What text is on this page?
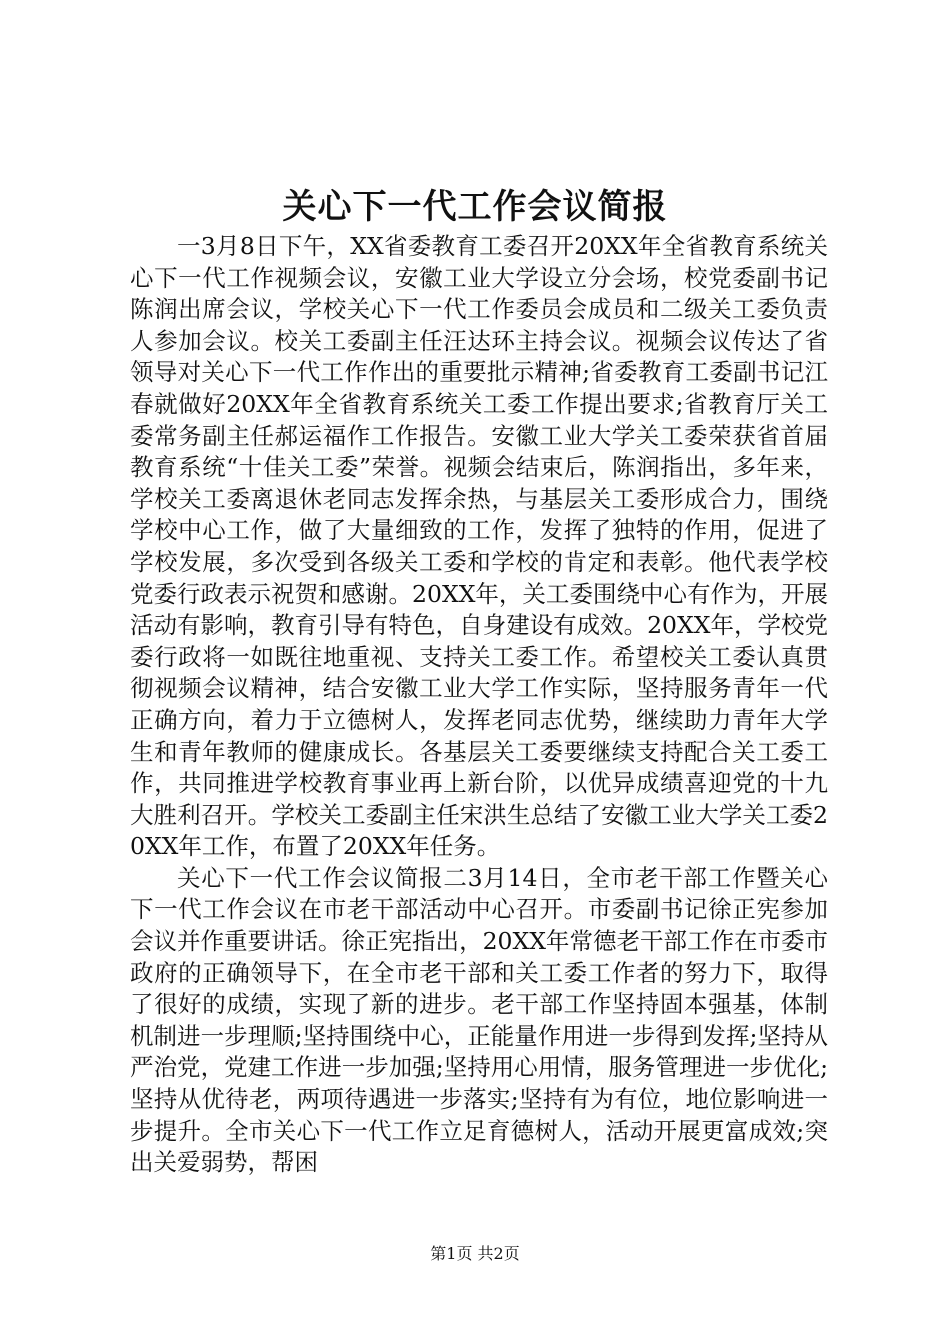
关心下一代工作会议简报

一3月8日下午，XX省委教育工委召开20XX年全省教育系统关心下一代工作视频会议，安徽工业大学设立分会场，校党委副书记陈润出席会议，学校关心下一代工作委员会成员和二级关工委负责人参加会议。校关工委副主任汪达环主持会议。视频会议传达了省领导对关心下一代工作作出的重要批示精神;省委教育工委副书记江春就做好20XX年全省教育系统关工委工作提出要求;省教育厅关工委常务副主任郝运福作工作报告。安徽工业大学关工委荣获省首届教育系统“十佳关工委”荣誉。视频会结束后，陈润指出，多年来，学校关工委离退休老同志发挥余热，与基层关工委形成合力，围绕学校中心工作，做了大量细致的工作，发挥了独特的作用，促进了学校发展，多次受到各级关工委和学校的肯定和表彰。他代表学校党委行政表示祝贺和感谢。20XX年，关工委围绕中心有作为，开展活动有影响，教育引导有特色，自身建设有成效。20XX年，学校党委行政将一如既往地重视、支持关工委工作。希望校关工委认真贯彻视频会议精神，结合安徽工业大学工作实际，坚持服务青年一代正确方向，着力于立德树人，发挥老同志优势，继续助力青年大学生和青年教师的健康成长。各基层关工委要继续支持配合关工委工作，共同推进学校教育事业再上新台阶，以优异成绩喜迎党的十九大胜利召开。学校关工委副主任宋洪生总结了安徽工业大学关工委20XX年工作，布置了20XX年任务。

关心下一代工作会议简报二3月14日，全市老干部工作暨关心下一代工作会议在市老干部活动中心召开。市委副书记徐正宪参加会议并作重要讲话。徐正宪指出，20XX年常德老干部工作在市委市政府的正确领导下，在全市老干部和关工委工作者的努力下，取得了很好的成绩，实现了新的进步。老干部工作坚持固本强基，体制机制进一步理顺;坚持围绕中心，正能量作用进一步得到发挥;坚持从严治党，党建工作进一步加强;坚持用心用情，服务管理进一步优化;坚持从优待老，两项待遇进一步落实;坚持有为有位，地位影响进一步提升。全市关心下一代工作立足育德树人，活动开展更富成效;突出关爱弱势，帮困

第1页 共2页
